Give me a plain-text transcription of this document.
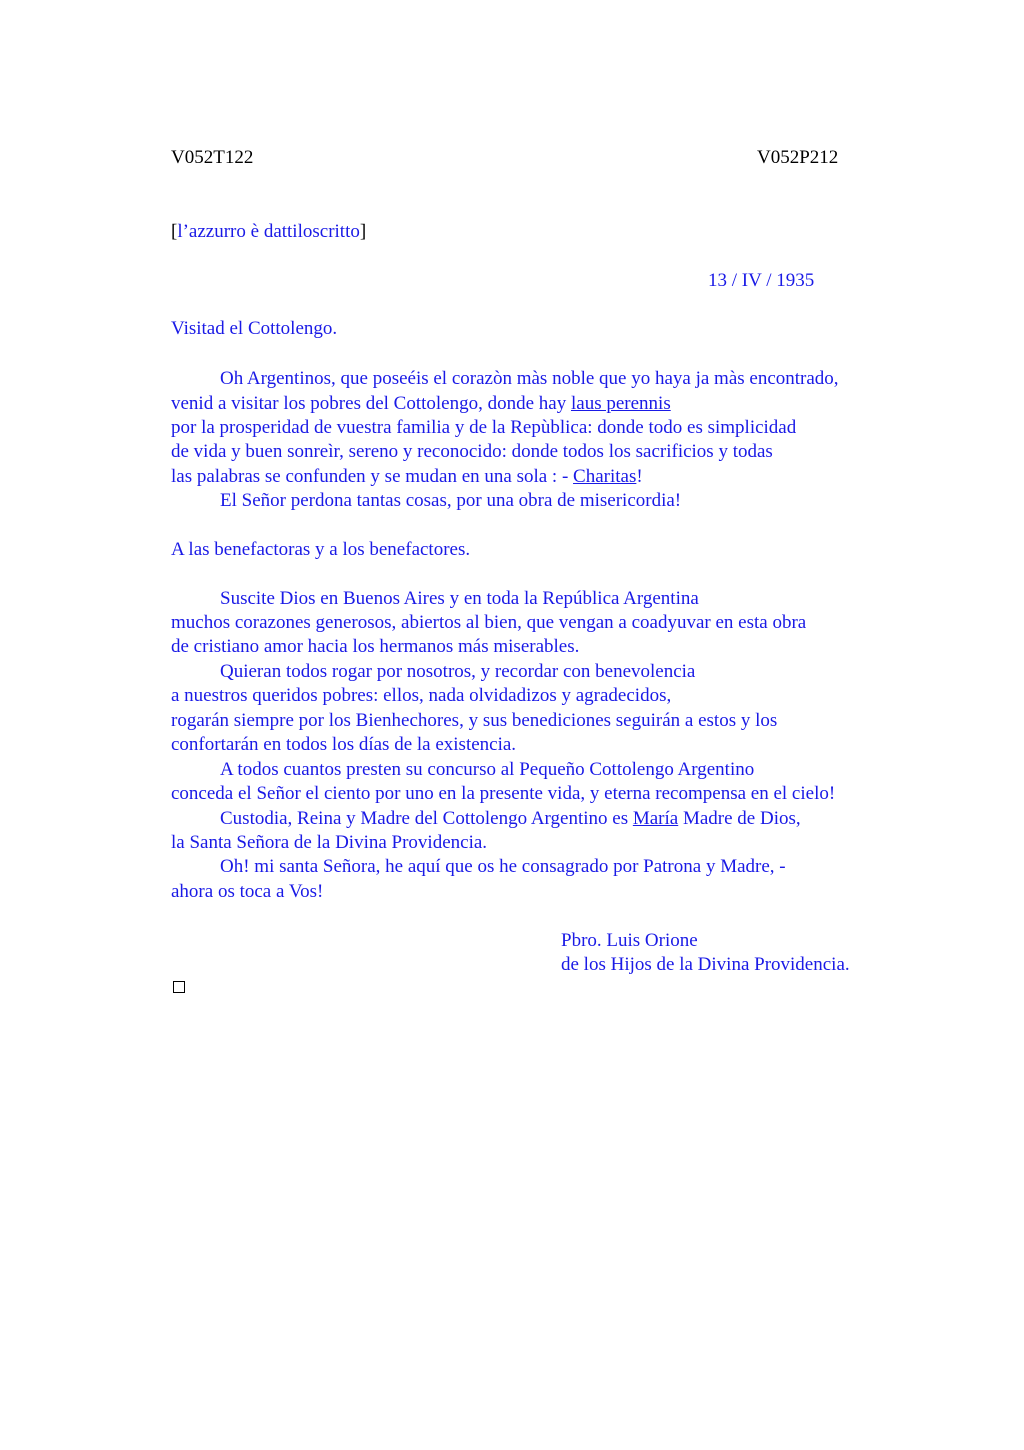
V052T122	V052P212
[l’azzurro è dattiloscritto]
13 / IV / 1935
Visitad el Cottolengo.
Oh Argentinos, que poseéis el corazòn màs noble que yo haya ja màs encontrado,
venid a visitar los pobres del Cottolengo, donde hay laus perennis
por la prosperidad de vuestra familia y de la Repùblica: donde todo es simplicidad
de vida y buen sonreìr, sereno y reconocido: donde todos los sacrificios y todas
las palabras se confunden y se mudan en una sola : - Charitas!
El Señor perdona tantas cosas, por una obra de misericordia!
A las benefactoras y a los benefactores.
Suscite Dios en Buenos Aires y en toda la República Argentina
muchos corazones generosos, abiertos al bien, que vengan a coadyuvar en esta obra
de cristiano amor hacia los hermanos más miserables.
Quieran todos rogar por nosotros, y recordar con benevolencia
a nuestros queridos pobres: ellos, nada olvidadizos y agradecidos,
rogarán siempre por los Bienhechores, y sus benediciones seguirán a estos y los
confortarán en todos los días de la existencia.
A todos cuantos presten su concurso al Pequeño Cottolengo Argentino
conceda el Señor el ciento por uno en la presente vida, y eterna recompensa en el cielo!
Custodia, Reina y Madre del Cottolengo Argentino es María Madre de Dios,
la Santa Señora de la Divina Providencia.
Oh! mi santa Señora, he aquí que os he consagrado por Patrona y Madre, -
ahora os toca a Vos!
Pbro. Luis Orione
de los Hijos de la Divina Providencia.
